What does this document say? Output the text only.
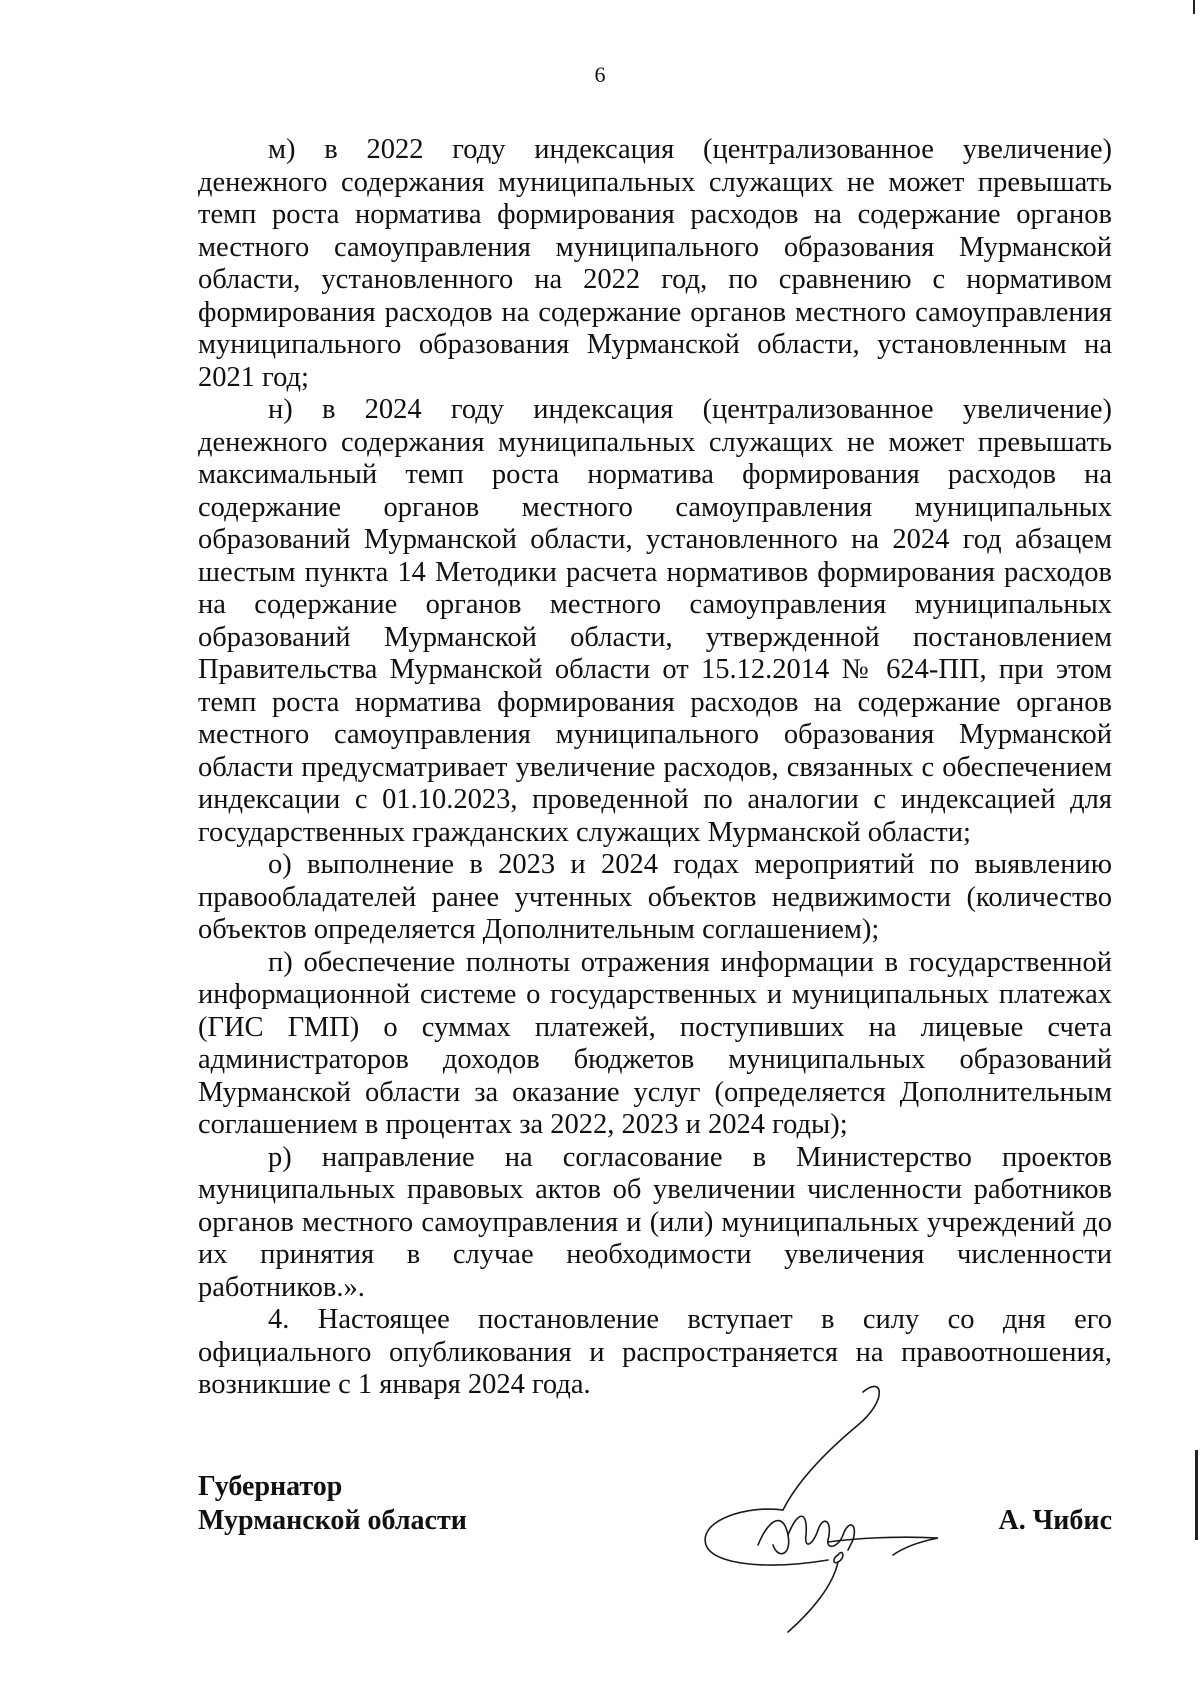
6

м) в 2022 году индексация (централизованное увеличение) денежного содержания муниципальных служащих не может превышать темп роста норматива формирования расходов на содержание органов местного самоуправления муниципального образования Мурманской области, установленного на 2022 год, по сравнению с нормативом формирования расходов на содержание органов местного самоуправления муниципального образования Мурманской области, установленным на 2021 год;

н) в 2024 году индексация (централизованное увеличение) денежного содержания муниципальных служащих не может превышать максимальный темп роста норматива формирования расходов на содержание органов местного самоуправления муниципальных образований Мурманской области, установленного на 2024 год абзацем шестым пункта 14 Методики расчета нормативов формирования расходов на содержание органов местного самоуправления муниципальных образований Мурманской области, утвержденной постановлением Правительства Мурманской области от 15.12.2014 № 624-ПП, при этом темп роста норматива формирования расходов на содержание органов местного самоуправления муниципального образования Мурманской области предусматривает увеличение расходов, связанных с обеспечением индексации с 01.10.2023, проведенной по аналогии с индексацией для государственных гражданских служащих Мурманской области;

о) выполнение в 2023 и 2024 годах мероприятий по выявлению правообладателей ранее учтенных объектов недвижимости (количество объектов определяется Дополнительным соглашением);

п) обеспечение полноты отражения информации в государственной информационной системе о государственных и муниципальных платежах (ГИС ГМП) о суммах платежей, поступивших на лицевые счета администраторов доходов бюджетов муниципальных образований Мурманской области за оказание услуг (определяется Дополнительным соглашением в процентах за 2022, 2023 и 2024 годы);

р) направление на согласование в Министерство проектов муниципальных правовых актов об увеличении численности работников органов местного самоуправления и (или) муниципальных учреждений до их принятия в случае необходимости увеличения численности работников.».

4. Настоящее постановление вступает в силу со дня его официального опубликования и распространяется на правоотношения, возникшие с 1 января 2024 года.

Губернатор
Мурманской области	А. Чибис
